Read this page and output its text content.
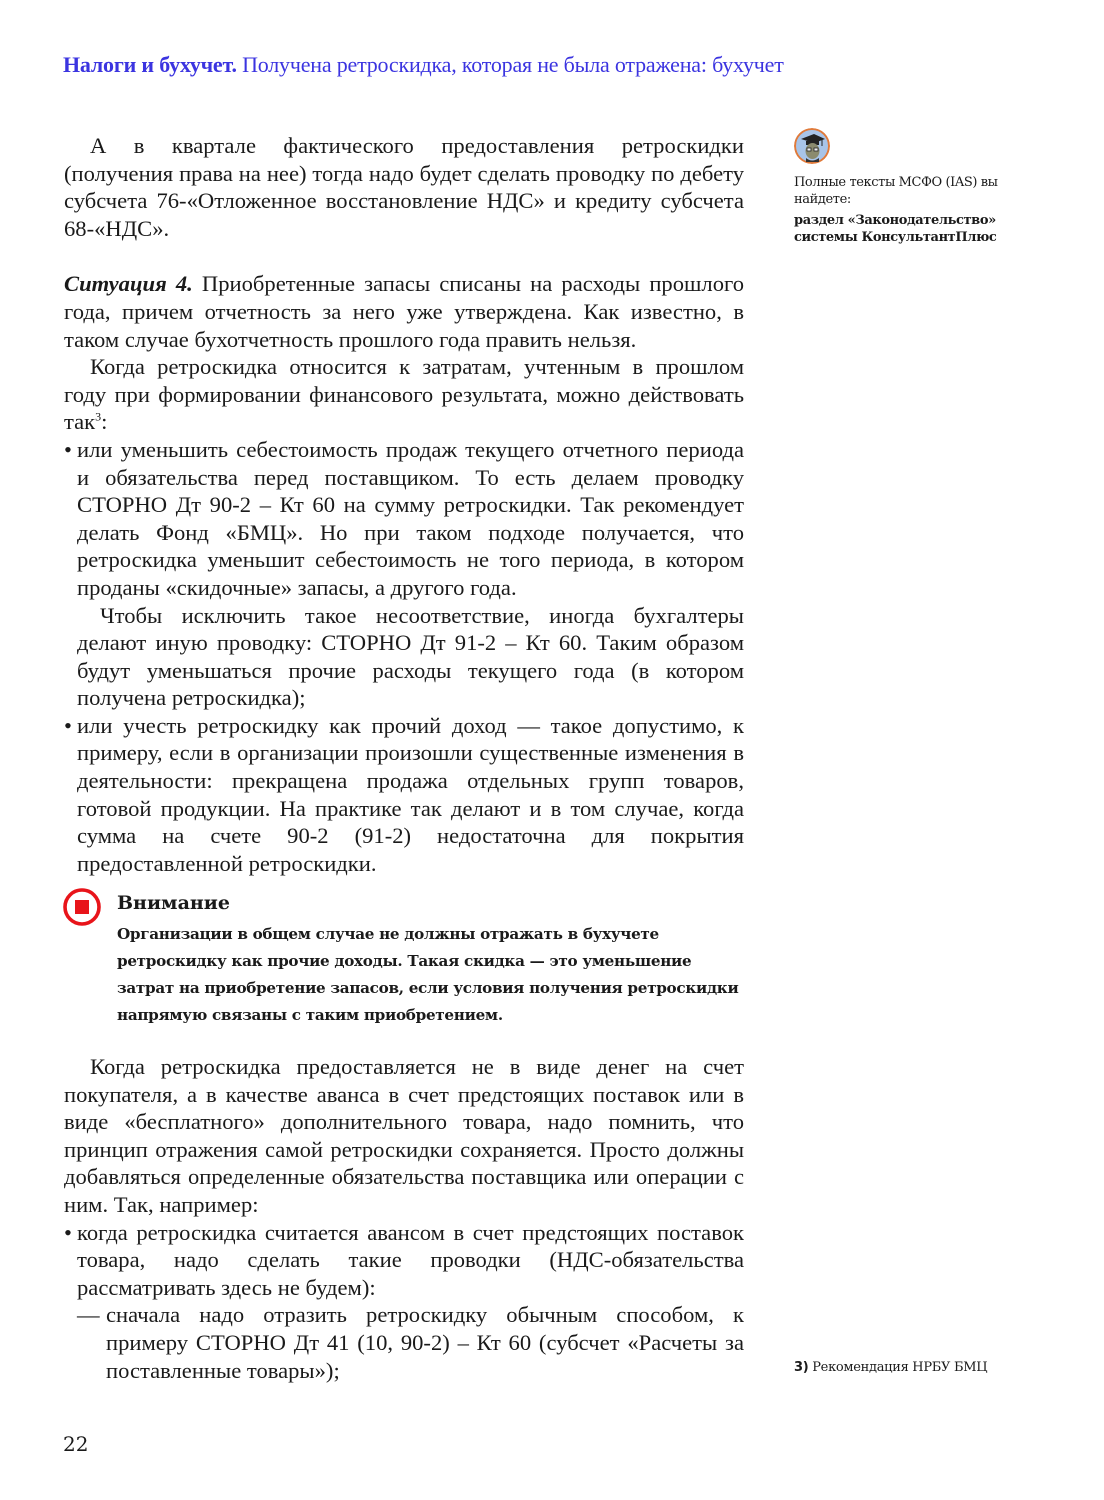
Налоги и бухучет. Получена ретроскидка, которая не была отражена: бухучет

А в квартале фактического предоставления ретроскидки (получения права на нее) тогда надо будет сделать проводку по дебету субсчета 76-«Отложенное восстановление НДС» и кредиту субсчета 68-«НДС».

Ситуация 4. Приобретенные запасы списаны на расходы прошлого года, причем отчетность за него уже утверждена. Как известно, в таком случае бухотчетность прошлого года править нельзя.

Когда ретроскидка относится к затратам, учтенным в прошлом году при формировании финансового результата, можно действовать так$^3$:

• или уменьшить себестоимость продаж текущего отчетного периода и обязательства перед поставщиком. То есть делаем проводку СТОРНО Дт 90-2 – Кт 60 на сумму ретроскидки. Так рекомендует делать Фонд «БМЦ». Но при таком подходе получается, что ретроскидка уменьшит себестоимость не того периода, в котором проданы «скидочные» запасы, а другого года.

Чтобы исключить такое несоответствие, иногда бухгалтеры делают иную проводку: СТОРНО Дт 91-2 – Кт 60. Таким образом будут уменьшаться прочие расходы текущего года (в котором получена ретроскидка);

• или учесть ретроскидку как прочий доход — такое допустимо, к примеру, если в организации произошли существенные изменения в деятельности: прекращена продажа отдельных групп товаров, готовой продукции. На практике так делают и в том случае, когда сумма на счете 90-2 (91-2) недостаточна для покрытия предоставленной ретроскидки.

Внимание
Организации в общем случае не должны отражать в бухучете ретроскидку как прочие доходы. Такая скидка — это уменьшение затрат на приобретение запасов, если условия получения ретроскидки напрямую связаны с таким приобретением.

Когда ретроскидка предоставляется не в виде денег на счет покупателя, а в качестве аванса в счет предстоящих поставок или в виде «бесплатного» дополнительного товара, надо помнить, что принцип отражения самой ретроскидки сохраняется. Просто должны добавляться определенные обязательства поставщика или операции с ним. Так, например:

• когда ретроскидка считается авансом в счет предстоящих поставок товара, надо сделать такие проводки (НДС-обязательства рассматривать здесь не будем):

— сначала надо отразить ретроскидку обычным способом, к примеру СТОРНО Дт 41 (10, 90-2) – Кт 60 (субсчет «Расчеты за поставленные товары»);

Полные тексты МСФО (IAS) вы найдете:
раздел «Законодательство» системы КонсультантПлюс
3) Рекомендация НРБУ БМЦ
22
